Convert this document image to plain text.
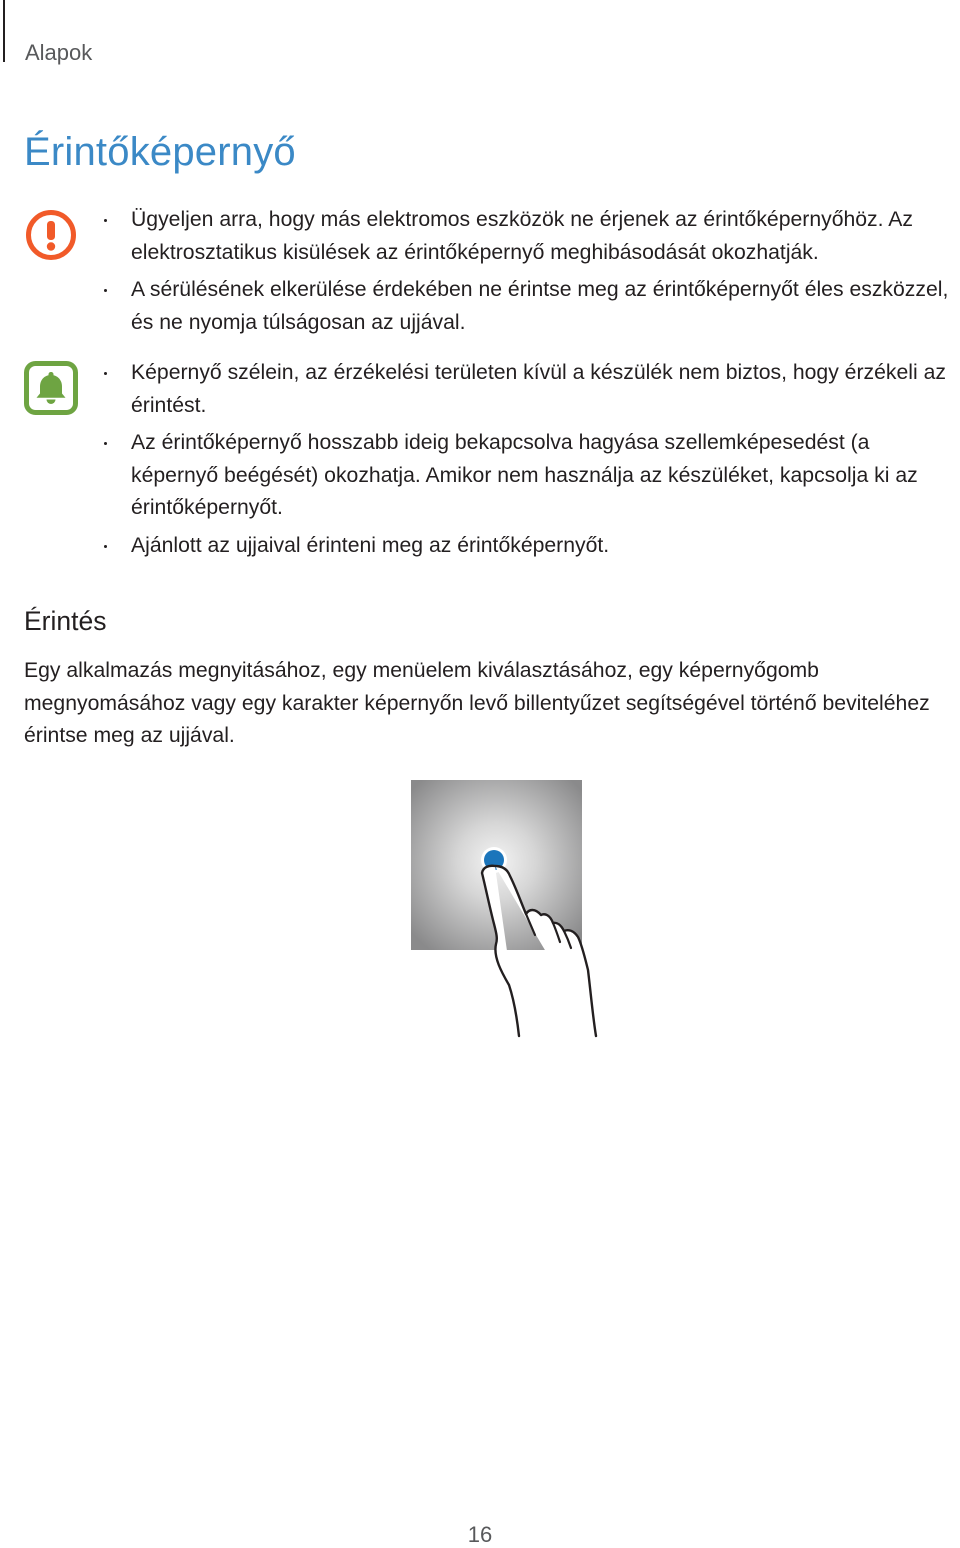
Alapok
Érintőképernyő
Ügyeljen arra, hogy más elektromos eszközök ne érjenek az érintőképernyőhöz. Az elektrosztatikus kisülések az érintőképernyő meghibásodását okozhatják.
A sérülésének elkerülése érdekében ne érintse meg az érintőképernyőt éles eszközzel, és ne nyomja túlságosan az ujjával.
Képernyő szélein, az érzékelési területen kívül a készülék nem biztos, hogy érzékeli az érintést.
Az érintőképernyő hosszabb ideig bekapcsolva hagyása szellemképesedést (a képernyő beégését) okozhatja. Amikor nem használja az készüléket, kapcsolja ki az érintőképernyőt.
Ajánlott az ujjaival érinteni meg az érintőképernyőt.
Érintés

Egy alkalmazás megnyitásához, egy menüelem kiválasztásához, egy képernyőgomb megnyomásához vagy egy karakter képernyőn levő billentyűzet segítségével történő beviteléhez érintse meg az ujjával.

16
